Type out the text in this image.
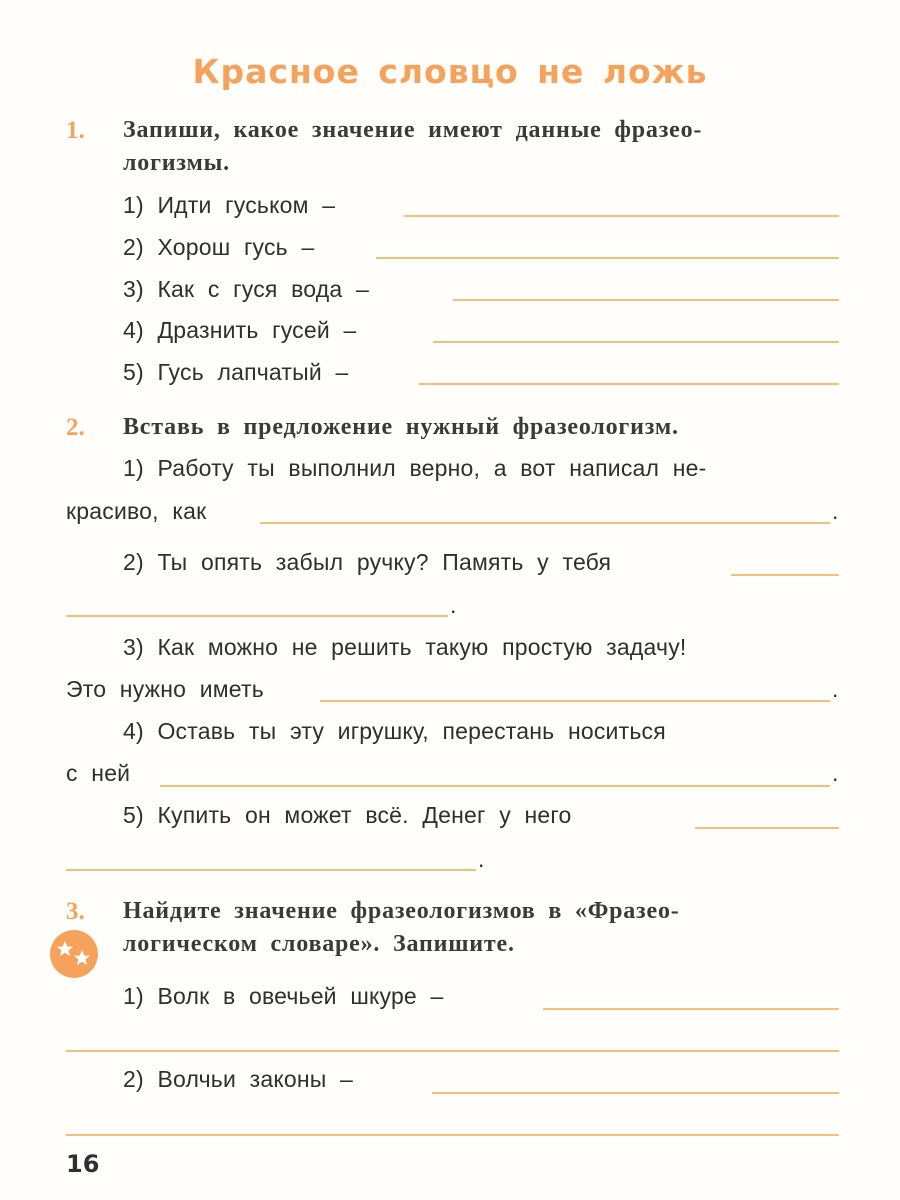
Красное словцо не ложь
1. Запиши, какое значение имеют данные фразео-
логизмы.
1) Идти гуськом –
2) Хорош гусь –
3) Как с гуся вода –
4) Дразнить гусей –
5) Гусь лапчатый –
2. Вставь в предложение нужный фразеологизм.
1) Работу ты выполнил верно, а вот написал не-
красиво, как	.
2) Ты опять забыл ручку? Память у тебя
.
3) Как можно не решить такую простую задачу!
Это нужно иметь	.
4) Оставь ты эту игрушку, перестань носиться
с ней	.
5) Купить он может всё. Денег у него
.
3. Найдите значение фразеологизмов в «Фразео-
логическом словаре». Запишите.
1) Волк в овечьей шкуре –
2) Волчьи законы –
16
